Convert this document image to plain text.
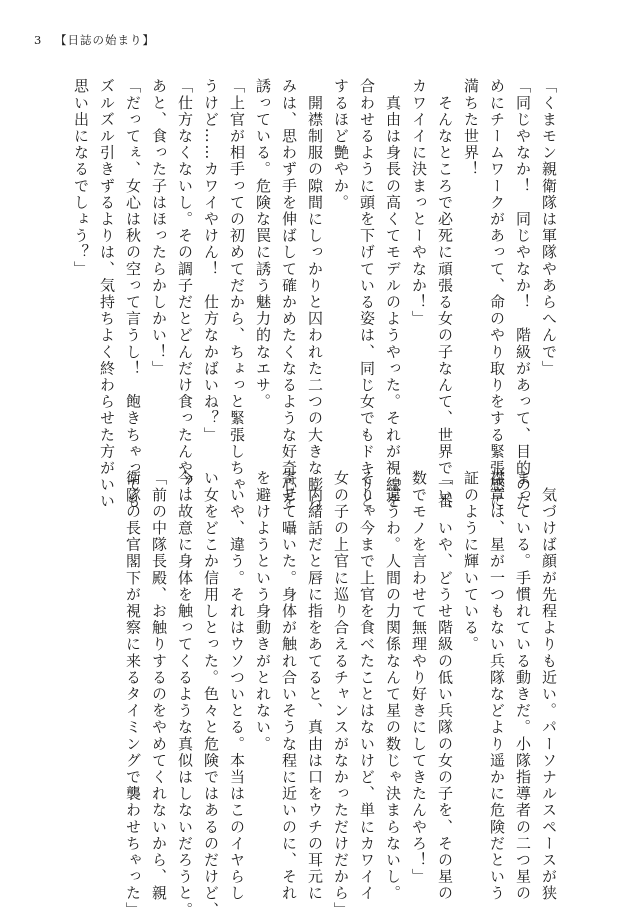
3 【日誌の始まり】
「くまモン親衛隊は軍隊やあらへんで」
「同じやなか！　同じやなか！　階級があって、目的のた
めにチームワークがあって、命のやり取りをする緊張感に
満ちた世界！
　そんなところで必死に頑張る女の子なんて、世界で一番
カワイイに決まっとーやなか！」
　真由は身長の高くてモデルのようやった。それが視線を
合わせるように頭を下げている姿は、同じ女でもドキリと
するほど艶やか。
　開襟制服の隙間にしっかりと囚われた二つの大きな膨ら
みは、思わず手を伸ばして確かめたくなるような好奇心を
誘っている。危険な罠に誘う魅力的なエサ。
「上官が相手っての初めてだから、ちょっと緊張しちゃ
うけど……カワイやけん！　仕方なかばいね？」
「仕方なくないし。その調子だとどんだけ食ったんや？
あと、食った子はほったらかしかい！」
「だってぇ、女心は秋の空って言うし！　飽きちゃっても
ズルズル引きずるよりは、気持ちよく終わらせた方がいい
思い出になるでしょう？」
　気づけば顔が先程よりも近い。パーソナルスペースが狭
まっている。手慣れている動きだ。小隊指導者の二つ星の
襟章は、星が一つもない兵隊などより遥かに危険だという
証のように輝いている。
「い、いや、どうせ階級の低い兵隊の女の子を、その星の
数でモノを言わせて無理やり好きにしてきたんやろ！」
「違うわ。人間の力関係なんて星の数じゃ決まらないし。
そりゃ今まで上官を食べたことはないけど、単にカワイイ
女の子の上官に巡り合えるチャンスがなかっただけだから」
　内緒話だと唇に指をあてると、真由は口をウチの耳元に
寄せて囁いた。身体が触れ合いそうな程に近いのに、それ
を避けようという身動きがとれない。
　いや、違う。それはウソついとる。本当はこのイヤらし
い女をどこか信用しとった。色々と危険ではあるのだけど、
今は故意に身体を触ってくるような真似はしないだろうと。
「前の中隊長殿、お触りするのをやめてくれないから、親
衛隊の長官閣下が視察に来るタイミングで襲わせちゃった」
